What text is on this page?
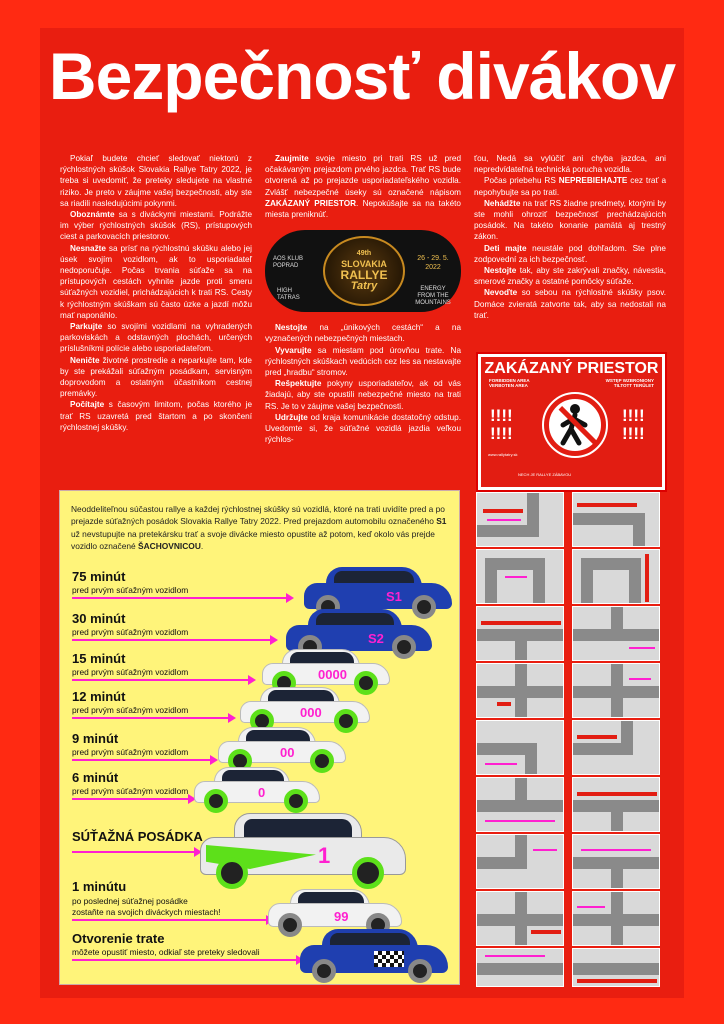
Bezpečnosť divákov

Pokiaľ budete chcieť sledovať niektorú z rýchlostných skúšok Slovakia Rallye Tatry 2022, je treba si uvedomiť, že preteky sledujete na vlastné riziko. Je preto v záujme vašej bezpečnosti, aby ste sa riadili nasledujúcimi pokynmi.

Oboznámte sa s diváckymi miestami. Podrážte im výber rýchlostných skúšok (RS), prístupových ciest a parkovacích priestorov.

Nesnažte sa prísť na rýchlostnú skúšku alebo jej úsek svojím vozidlom, ak to usporiadateľ nedoporučuje. Počas trvania súťaže sa na prístupových cestách vyhnite jazde proti smeru súťažných vozidiel, prichádzajúcich k trati RS. Cesty k rýchlostným skúškam sú často úzke a jazdí môžu mať naponáhlo.

Parkujte so svojími vozidlami na vyhradených parkoviskách a odstavných plochách, určených príslušníkmi polície alebo usporiadateľom.

Neničte životné prostredie a neparkujte tam, kde by ste prekážali súťažným posádkam, servisným doprovodom a ostatným účastníkom cestnej premávky.

Počítajte s časovým limitom, počas ktorého je trať RS uzavretá pred štartom a po skončení rýchlostnej skúšky.

Zaujmite svoje miesto pri trati RS už pred očakávaným prejazdom prvého jazdca. Trať RS bude otvorená až po prejazde usporiadateľského vozidla. Zvlášť nebezpečné úseky sú označené nápisom ZAKÁZANÝ PRIESTOR. Nepokúšajte sa na takéto miesta preniknúť.

AOS KLUB
POPRAD
HIGH TATRAS
49th
SLOVAKIA
RALLYE
Tatry
26 - 29. 5.
2022
ENERGY FROM THE MOUNTAINS

Nestojte na „únikových cestách“ a na vyznačených nebezpečných miestach.

Vyvarujte sa miestam pod úrovňou trate. Na rýchlostných skúškach vedúcich cez les sa nestavajte pred „hradbu“ stromov.

Rešpektujte pokyny usporiadateľov, ak od vás žiadajú, aby ste opustili nebezpečné miesto na trati RS. Je to v záujme vašej bezpečnosti.

Udržujte od kraja komunikácie dostatočný odstup. Uvedomte si, že súťažné vozidlá jazdia veľkou rýchlos-

ťou, Nedá sa vylúčiť ani chyba jazdca, ani nepredvídateľná technická porucha vozidla.

Počas priebehu RS NEPREBIEHAJTE cez trať a nepohybujte sa po trati.

Nehádžte na trať RS žiadne predmety, ktorými by ste mohli ohroziť bezpečnosť prechádzajúcich posádok. Na takéto konanie pamätá aj trestný zákon.

Deti majte neustále pod dohľadom. Ste plne zodpovední za ich bezpečnosť.

Nestojte tak, aby ste zakrývali značky, návestia, smerové značky a ostatné pomôcky súťaže.

Nevoďte so sebou na rýchlostné skúšky psov. Domáce zvieratá zatvorte tak, aby sa nedostali na trať.

ZAKÁZANÝ PRIESTOR
FORBIDDEN AREA
VERBOTEN AREA
WSTĘP WZBRONIONY
TILTOTT TERÜLET
!!!!
!!!!
!!!!
!!!!
www.rallytatry.sk
NECH JE RALLYE ZÁBAVOU
Neoddeliteľnou súčastou rallye a každej rýchlostnej skúšky sú vozidlá, ktoré na trati uvidíte pred a po prejazde súťažných posádok Slovakia Rallye Tatry 2022. Pred prejazdom automobilu označeného S1 už nevstupujte na pretekársku trať a svoje divácke miesto opustite až potom, keď okolo vás prejde vozidlo označené ŠACHOVNICOU.
75 minút
pred prvým súťažným vozidlom
30 minút
pred prvým súťažným vozidlom
15 minút
pred prvým súťažným vozidlom
12 minút
pred prvým súťažným vozidlom
9 minút
pred prvým súťažným vozidlom
6 minút
pred prvým súťažným vozidlom
SÚŤAŽNÁ POSÁDKA
1 minútu
po poslednej súťažnej posádke
zostaňte na svojich diváckych miestach!
Otvorenie trate
môžete opustiť miesto, odkiaľ ste preteky sledovali
S1
S2
0000
000
00
0
1
99
